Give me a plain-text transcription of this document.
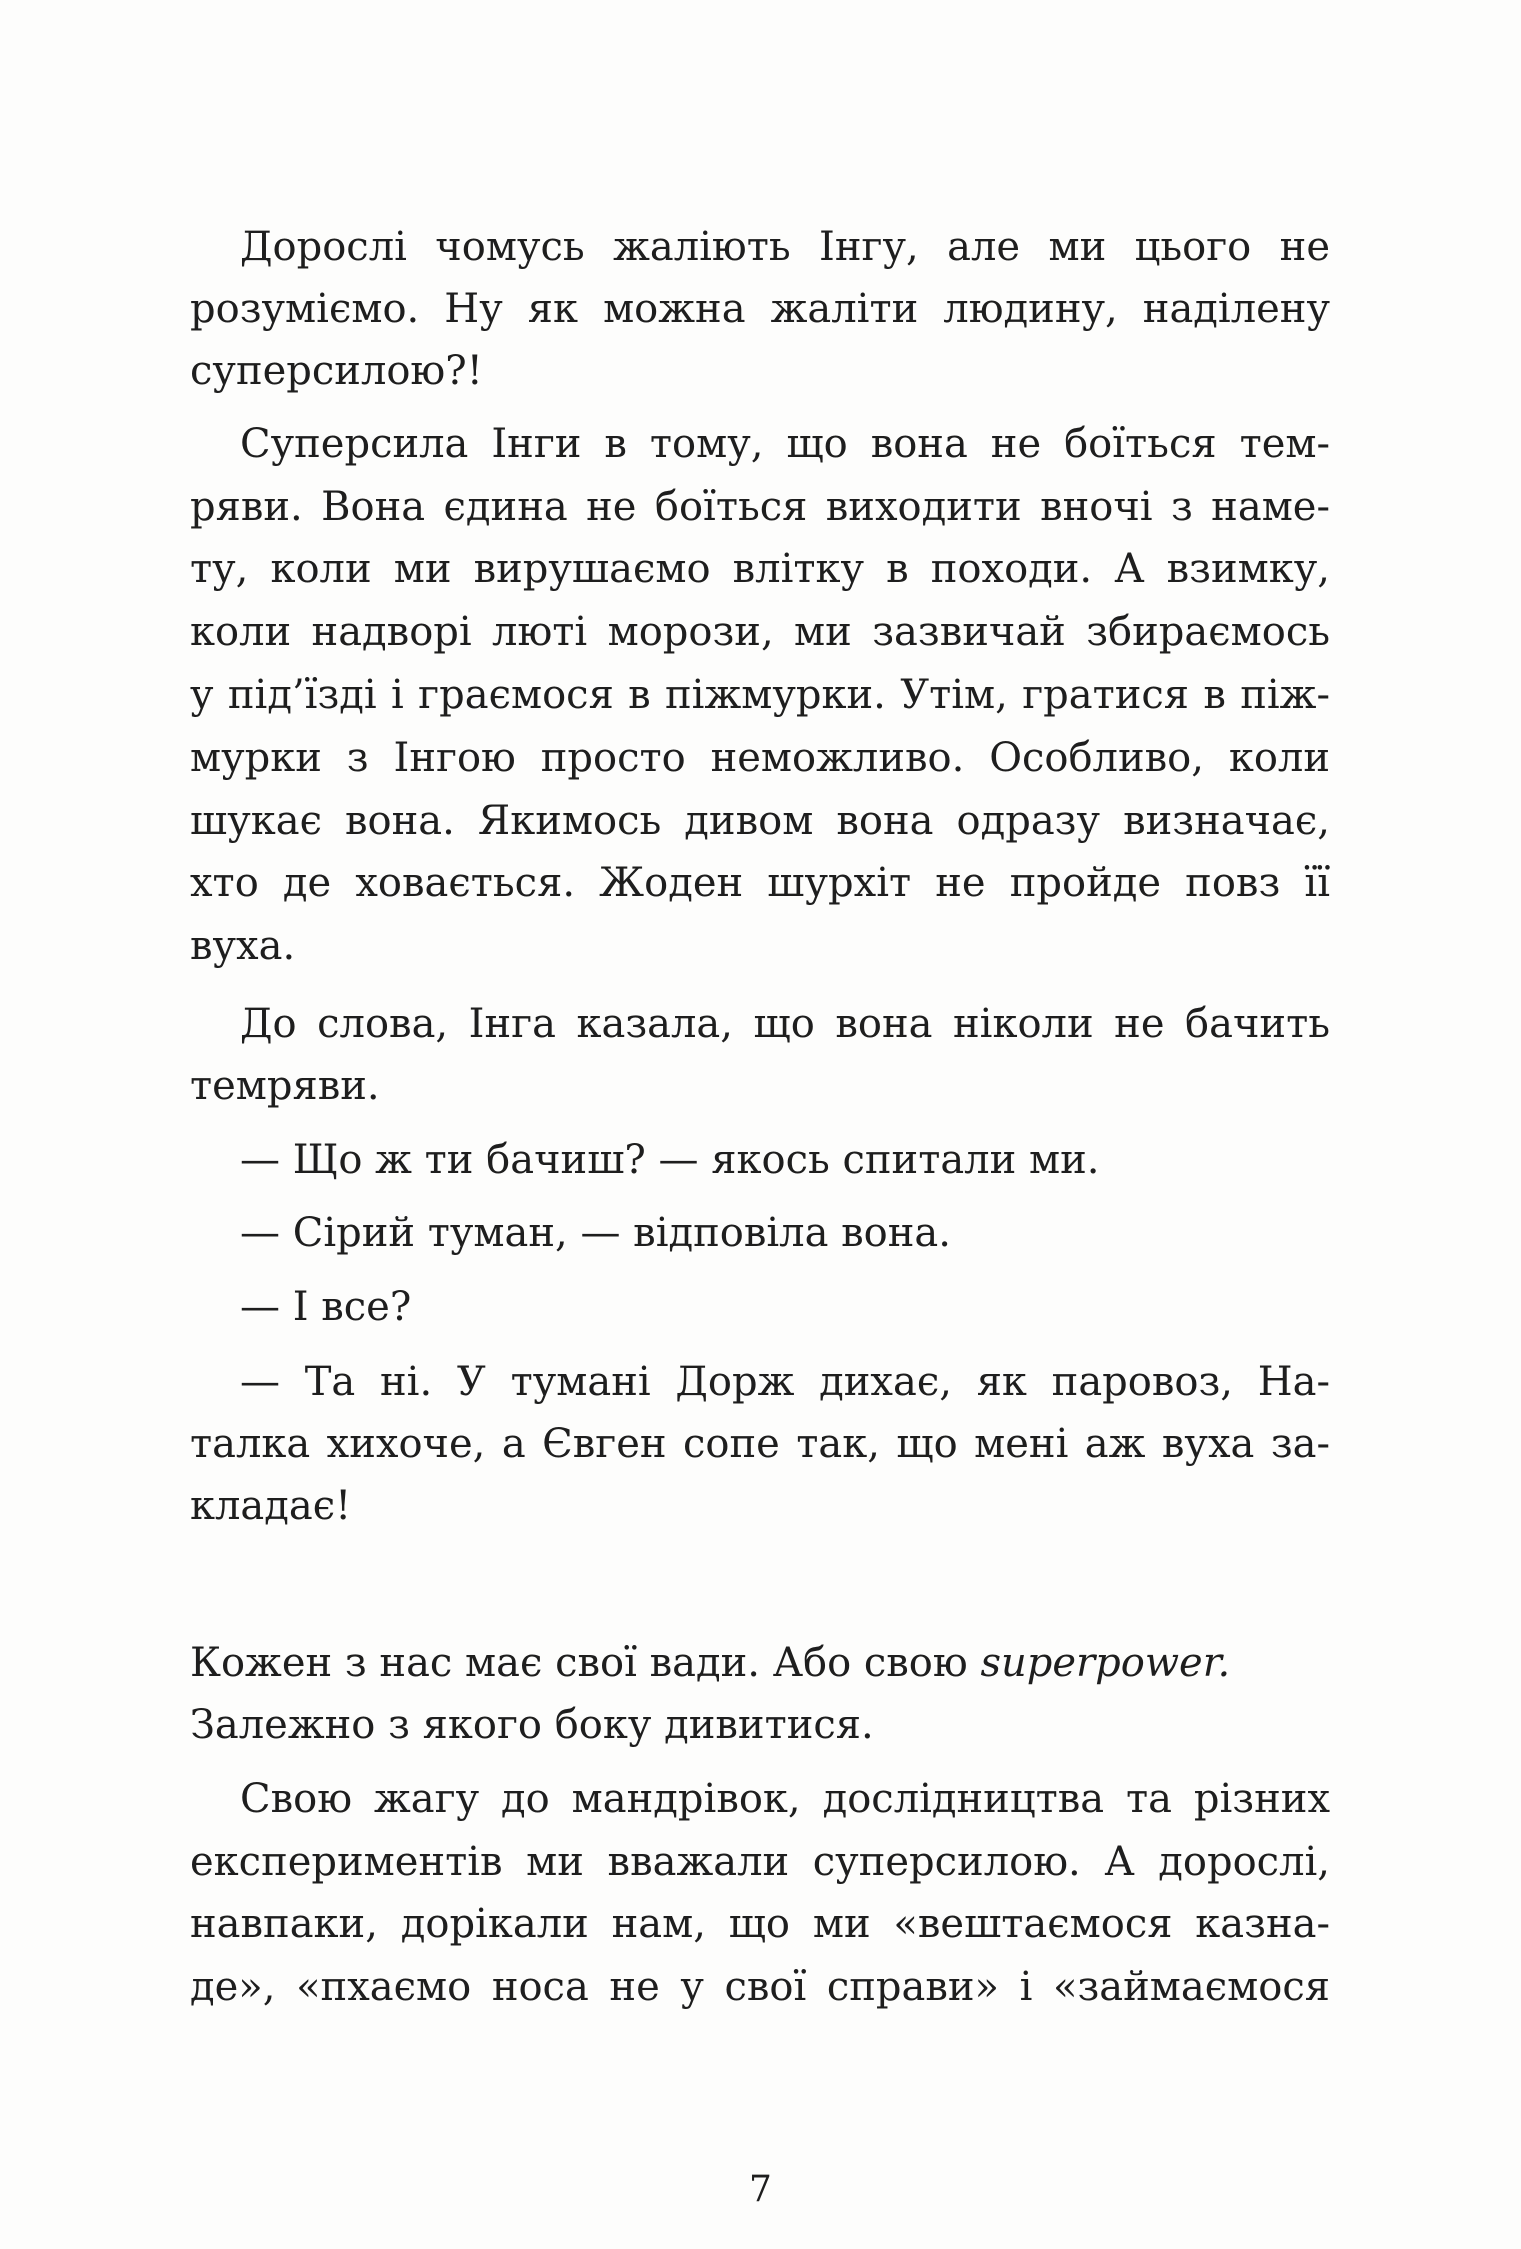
Дорослі чомусь жаліють Інгу, але ми цього не
розуміємо. Ну як можна жаліти людину, наділену
суперсилою?!
Суперсила Інги в тому, що вона не боїться тем-
ряви. Вона єдина не боїться виходити вночі з наме-
ту, коли ми вирушаємо влітку в походи. А взимку,
коли надворі люті морози, ми зазвичай збираємось
у під’їзді і граємося в піжмурки. Утім, гратися в піж-
мурки з Інгою просто неможливо. Особливо, коли
шукає вона. Якимось дивом вона одразу визначає,
хто де ховається. Жоден шурхіт не пройде повз її
вуха.
До слова, Інга казала, що вона ніколи не бачить
темряви.
— Що ж ти бачиш? — якось спитали ми.
— Сірий туман, — відповіла вона.
— І все?
— Та ні. У тумані Дорж дихає, як паровоз, На-
талка хихоче, а Євген сопе так, що мені аж вуха за-
кладає!
Кожен з нас має свої вади. Або свою superpower.
Залежно з якого боку дивитися.
Свою жагу до мандрівок, дослідництва та різних
експериментів ми вважали суперсилою. А дорослі,
навпаки, дорікали нам, що ми «вештаємося казна-
де», «пхаємо носа не у свої справи» і «займаємося
7
